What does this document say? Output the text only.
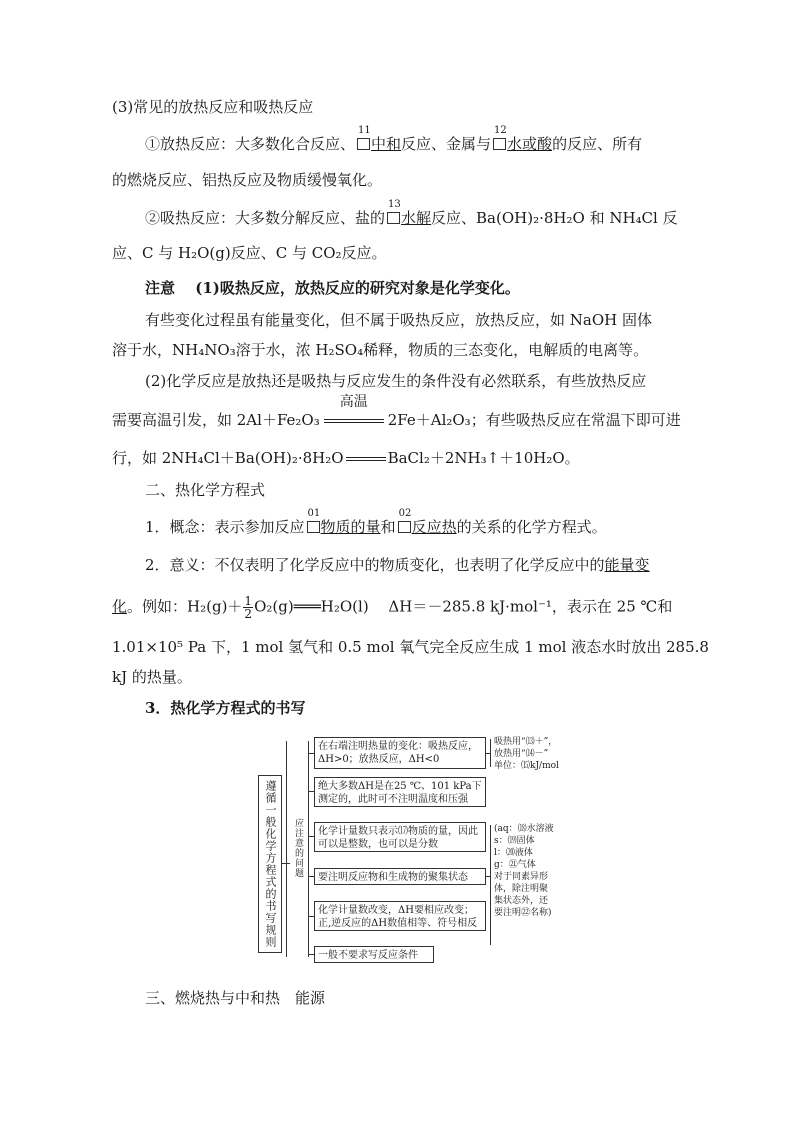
(3)常见的放热反应和吸热反应
①放热反应：大多数化合反应、
11
中和反应、金属与
12
水或酸的反应、所有
的燃烧反应、铝热反应及物质缓慢氧化。
②吸热反应：大多数分解反应、盐的
13
水解反应、Ba(OH)₂·8H₂O 和 NH₄Cl 反
应、C 与 H₂O(g)反应、C 与 CO₂反应。
注意　 (1)吸热反应，放热反应的研究对象是化学变化。
有些变化过程虽有能量变化，但不属于吸热反应，放热反应，如 NaOH 固体
溶于水，NH₄NO₃溶于水，浓 H₂SO₄稀释，物质的三态变化，电解质的电离等。
(2)化学反应是放热还是吸热与反应发生的条件没有必然联系，有些放热反应
需要高温引发，如 2Al＋Fe₂O₃
高温
2Fe＋Al₂O₃；有些吸热反应在常温下即可进
行，如 2NH₄Cl＋Ba(OH)₂·8H₂O	BaCl₂＋2NH₃↑＋10H₂O。
二、热化学方程式
1．概念：表示参加反应
01
物质的量和
02
反应热的关系的化学方程式。
2．意义：不仅表明了化学反应中的物质变化，也表明了化学反应中的能量变
化。例如：$H_2(g)+ \frac{1}{2}$ O₂(g)═══H₂O(l)　 ΔH＝－285.8 kJ·mol⁻¹，表示在 25 ℃和
1.01×10⁵ Pa 下，1 mol 氢气和 0.5 mol 氧气完全反应生成 1 mol 液态水时放出 285.8
kJ 的热量。
3．热化学方程式的书写
遵循一般化学方程式的书写规则 应注意的问题
在右端注明热量的变化：吸热反应，ΔH>0；放热反应，ΔH<0
绝大多数ΔH是在25 ℃、101 kPa下测定的，此时可不注明温度和压强
化学计量数只表示⒄物质的量，因此可以是整数，也可以是分数
要注明反应物和生成物的聚集状态
化学计量数改变，ΔH要相应改变；正,逆反应的ΔH数值相等、符号相反
一般不要求写反应条件
吸热用“⒀＋”，
放热用“⒁－”
单位：⒂kJ/mol
(aq：⒅水溶液
s：⒆固体
l：⒇液体
g：㉑气体
对于同素异形
体，除注明聚
集状态外，还
要注明㉒名称)
三、燃烧热与中和热　能源
